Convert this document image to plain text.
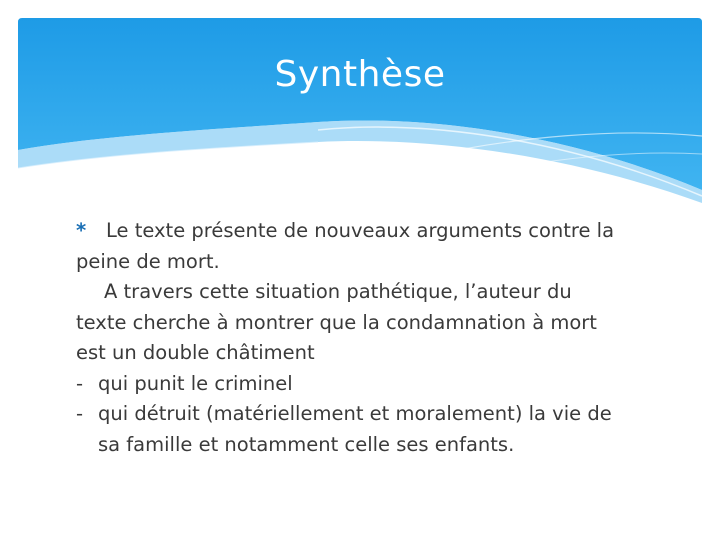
Synthèse
* Le texte présente de nouveaux arguments contre la
peine de mort.
A travers cette situation pathétique, l’auteur du
texte cherche à montrer que la condamnation à mort
est un double châtiment
- qui punit le criminel
- qui détruit (matériellement et moralement) la vie de
sa famille et notamment celle ses enfants.
